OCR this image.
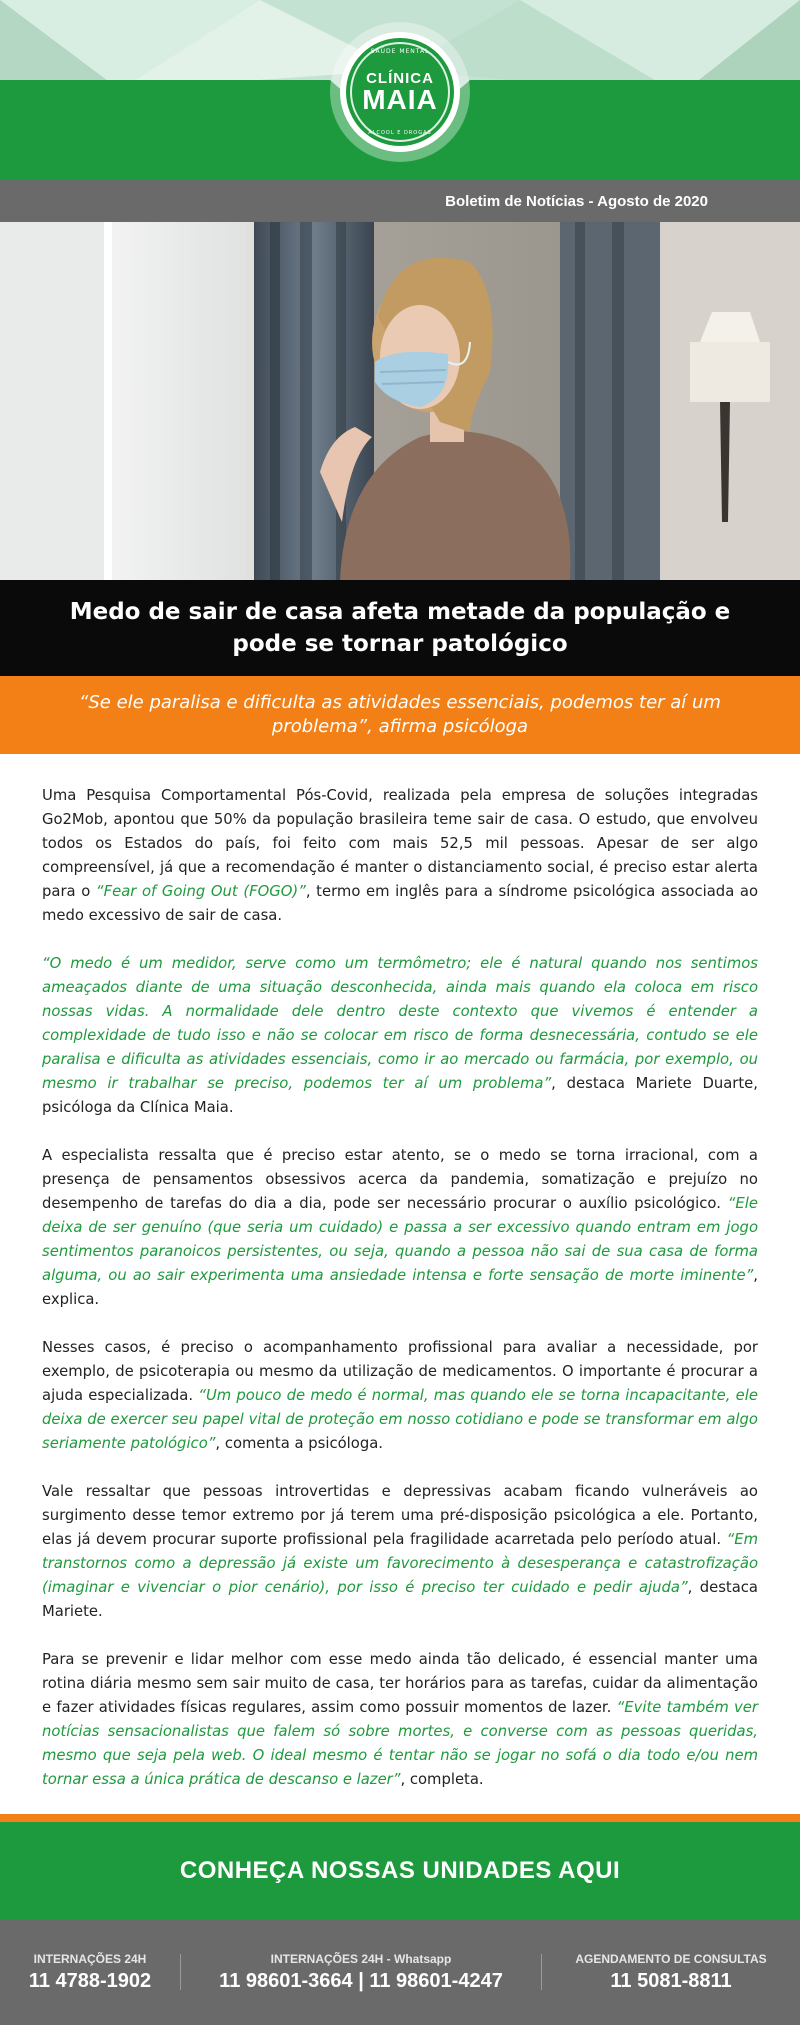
SAÚDE MENTAL
CLÍNICA
MAIA
ÁLCOOL E DROGAS
Boletim de Notícias - Agosto de 2020
Medo de sair de casa afeta metade da população e pode se tornar patológico
“Se ele paralisa e dificulta as atividades essenciais, podemos ter aí um problema”, afirma psicóloga

Uma Pesquisa Comportamental Pós-Covid, realizada pela empresa de soluções integradas Go2Mob, apontou que 50% da população brasileira teme sair de casa. O estudo, que envolveu todos os Estados do país, foi feito com mais 52,5 mil pessoas. Apesar de ser algo compreensível, já que a recomendação é manter o distanciamento social, é preciso estar alerta para o “Fear of Going Out (FOGO)”, termo em inglês para a síndrome psicológica associada ao medo excessivo de sair de casa.

“O medo é um medidor, serve como um termômetro; ele é natural quando nos sentimos ameaçados diante de uma situação desconhecida, ainda mais quando ela coloca em risco nossas vidas. A normalidade dele dentro deste contexto que vivemos é entender a complexidade de tudo isso e não se colocar em risco de forma desnecessária, contudo se ele paralisa e dificulta as atividades essenciais, como ir ao mercado ou farmácia, por exemplo, ou mesmo ir trabalhar se preciso, podemos ter aí um problema”, destaca Mariete Duarte, psicóloga da Clínica Maia.

A especialista ressalta que é preciso estar atento, se o medo se torna irracional, com a presença de pensamentos obsessivos acerca da pandemia, somatização e prejuízo no desempenho de tarefas do dia a dia, pode ser necessário procurar o auxílio psicológico. “Ele deixa de ser genuíno (que seria um cuidado) e passa a ser excessivo quando entram em jogo sentimentos paranoicos persistentes, ou seja, quando a pessoa não sai de sua casa de forma alguma, ou ao sair experimenta uma ansiedade intensa e forte sensação de morte iminente”, explica.

Nesses casos, é preciso o acompanhamento profissional para avaliar a necessidade, por exemplo, de psicoterapia ou mesmo da utilização de medicamentos. O importante é procurar a ajuda especializada. “Um pouco de medo é normal, mas quando ele se torna incapacitante, ele deixa de exercer seu papel vital de proteção em nosso cotidiano e pode se transformar em algo seriamente patológico”, comenta a psicóloga.

Vale ressaltar que pessoas introvertidas e depressivas acabam ficando vulneráveis ao surgimento desse temor extremo por já terem uma pré-disposição psicológica a ele. Portanto, elas já devem procurar suporte profissional pela fragilidade acarretada pelo período atual. “Em transtornos como a depressão já existe um favorecimento à desesperança e catastrofização (imaginar e vivenciar o pior cenário), por isso é preciso ter cuidado e pedir ajuda”, destaca Mariete.

Para se prevenir e lidar melhor com esse medo ainda tão delicado, é essencial manter uma rotina diária mesmo sem sair muito de casa, ter horários para as tarefas, cuidar da alimentação e fazer atividades físicas regulares, assim como possuir momentos de lazer. “Evite também ver notícias sensacionalistas que falem só sobre mortes, e converse com as pessoas queridas, mesmo que seja pela web. O ideal mesmo é tentar não se jogar no sofá o dia todo e/ou nem tornar essa a única prática de descanso e lazer”, completa.

CONHEÇA NOSSAS UNIDADES AQUI
INTERNAÇÕES 24H
11 4788-1902
INTERNAÇÕES 24H - Whatsapp
11 98601-3664 | 11 98601-4247
AGENDAMENTO DE CONSULTAS
11 5081-8811
